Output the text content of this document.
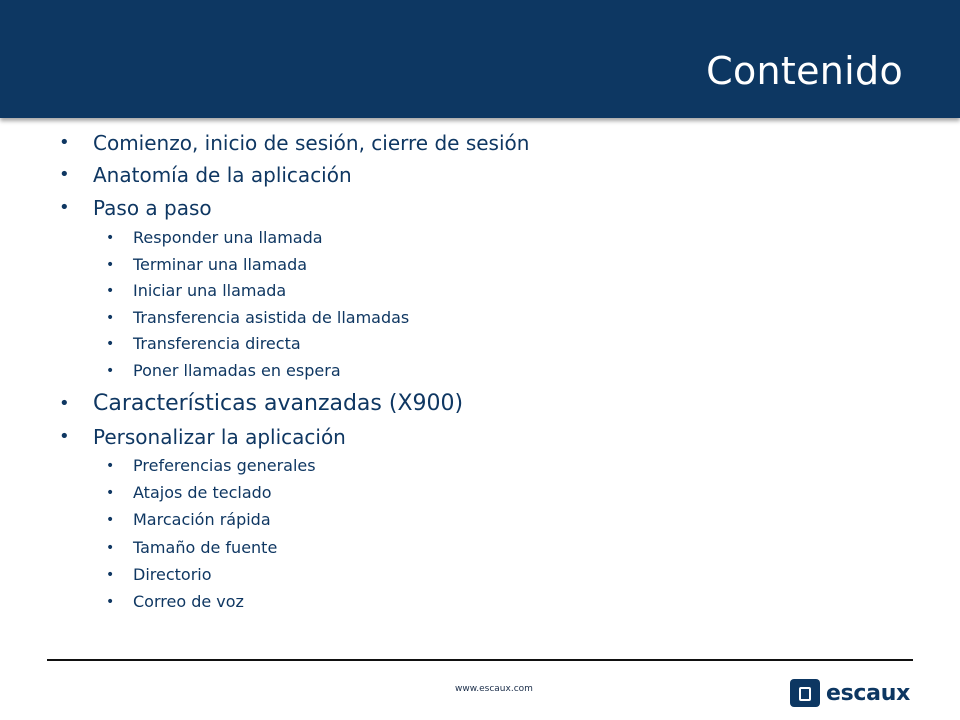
Contenido
• Comienzo, inicio de sesión, cierre de sesión
• Anatomía de la aplicación
• Paso a paso
• Responder una llamada
• Terminar una llamada
• Iniciar una llamada
• Transferencia asistida de llamadas
• Transferencia directa
• Poner llamadas en espera
• Características avanzadas (X900)
• Personalizar la aplicación
• Preferencias generales
• Atajos de teclado
• Marcación rápida
• Tamaño de fuente
• Directorio
• Correo de voz
www.escaux.com	escaux
